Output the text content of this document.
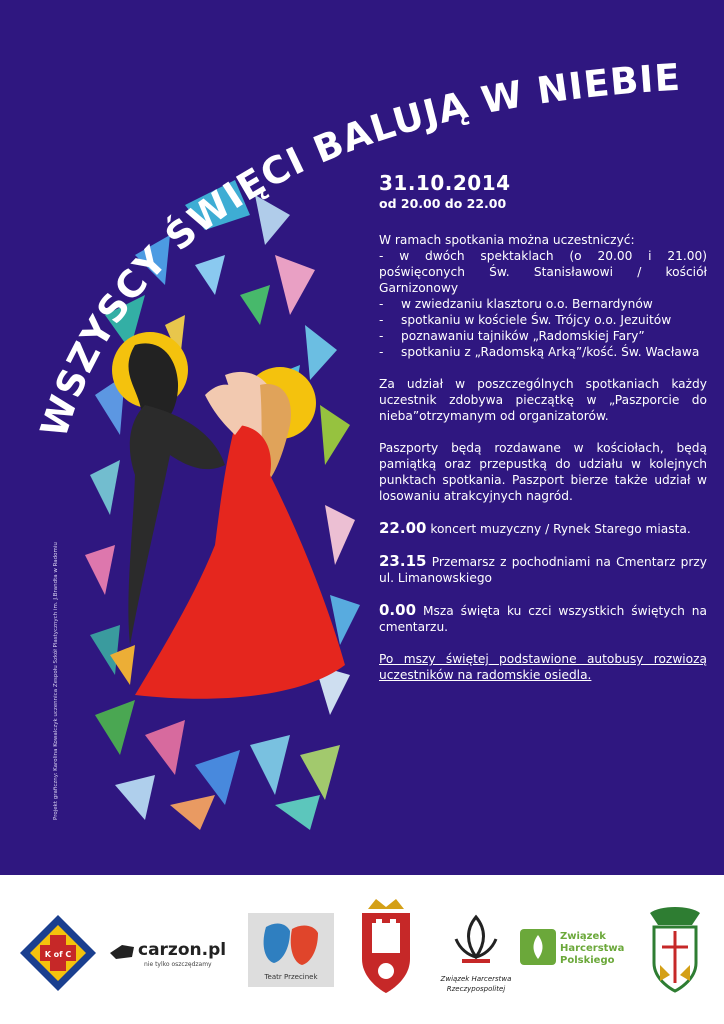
WSZYSCY ŚWIĘCI BALUJĄ W NIEBIE
Projekt graficzny: Karolina Kowalczyk uczennica Zespołu Szkół Plastycznych im. J.Brandta w Radomiu
31.10.2014
od 20.00 do 22.00
W ramach spotkania można uczestniczyć:
- w dwóch spektaklach (o 20.00 i 21.00) poświęconych Św. Stanisławowi / kościół Garnizonowy
- w zwiedzaniu klasztoru o.o. Bernardynów
- spotkaniu w kościele Św. Trójcy o.o. Jezuitów
- poznawaniu tajników „Radomskiej Fary”
- spotkaniu z „Radomską Arką”/kość. Św. Wacława
Za udział w poszczególnych spotkaniach każdy uczestnik zdobywa pieczątkę w „Paszporcie do nieba”otrzymanym od organizatorów.
Paszporty będą rozdawane w kościołach, będą pamiątką oraz przepustką do udziału w kolejnych punktach spotkania. Paszport bierze także udział w losowaniu atrakcyjnych nagród.
22.00 koncert muzyczny / Rynek Starego miasta.
23.15 Przemarsz z pochodniami na Cmentarz przy ul. Limanowskiego
0.00 Msza święta ku czci wszystkich świętych na cmentarzu.
Po mszy świętej podstawione autobusy rozwiozą uczestników na radomskie osiedla.
K of C	carzon.pl
nie tylko oszczędzamy
Teatr Przecinek	Związek Harcerstwa
Rzeczypospolitej
Związek
Harcerstwa
Polskiego
